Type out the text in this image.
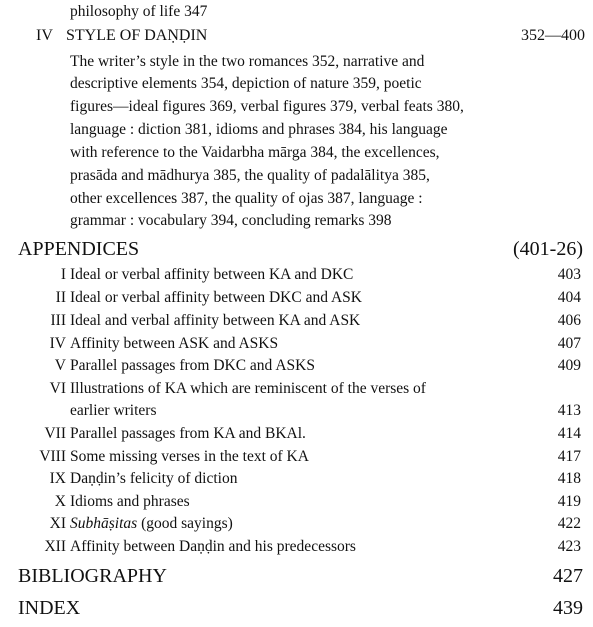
philosophy of life 347
IV STYLE OF DAṆḌIN	352—400
The writer’s style in the two romances 352, narrative and
descriptive elements 354, depiction of nature 359, poetic
figures—ideal figures 369, verbal figures 379, verbal feats 380,
language : diction 381, idioms and phrases 384, his language
with reference to the Vaidarbha mārga 384, the excellences,
prasāda and mādhurya 385, the quality of padalālitya 385,
other excellences 387, the quality of ojas 387, language :
grammar : vocabulary 394, concluding remarks 398
APPENDICES	(401-26)
I Ideal or verbal affinity between KA and DKC	403
II Ideal or verbal affinity between DKC and ASK	404
III Ideal and verbal affinity between KA and ASK	406
IV Affinity between ASK and ASKS	407
V Parallel passages from DKC and ASKS	409
VI Illustrations of KA which are reminiscent of the verses of
earlier writers	413
VII Parallel passages from KA and BKAl.	414
VIII Some missing verses in the text of KA	417
IX Daṇḍin’s felicity of diction	418
X Idioms and phrases	419
XI Subhāṣitas (good sayings)	422
XII Affinity between Daṇḍin and his predecessors	423
BIBLIOGRAPHY	427
INDEX	439
